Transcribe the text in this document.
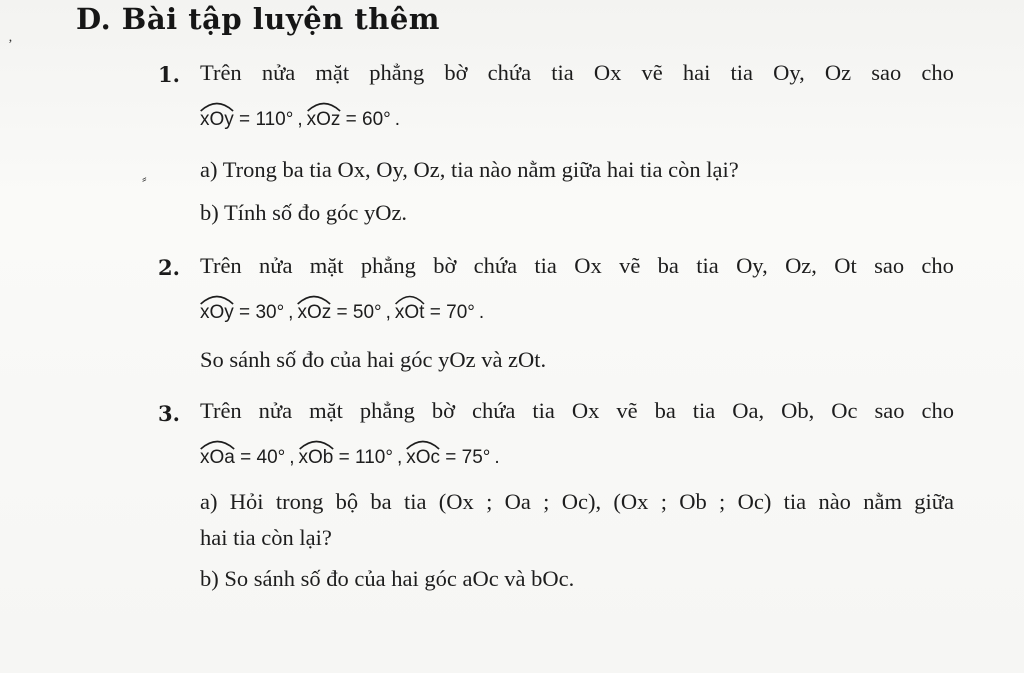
D. Bài tập luyện thêm
1. Trên nửa mặt phẳng bờ chứa tia Ox vẽ hai tia Oy, Oz sao cho
xOy
= 110° , xOz
= 60° .
a) Trong ba tia Ox, Oy, Oz, tia nào nằm giữa hai tia còn lại?
b) Tính số đo góc yOz.
2. Trên nửa mặt phẳng bờ chứa tia Ox vẽ ba tia Oy, Oz, Ot sao cho
xOy
= 30° , xOz
= 50° , xOt
= 70° .
So sánh số đo của hai góc yOz và zOt.
3. Trên nửa mặt phẳng bờ chứa tia Ox vẽ ba tia Oa, Ob, Oc sao cho
xOa
= 40° , xOb
= 110° , xOc
= 75° .
a) Hỏi trong bộ ba tia (Ox ; Oa ; Oc), (Ox ; Ob ; Oc) tia nào nằm giữa
hai tia còn lại?
b) So sánh số đo của hai góc aOc và bOc.
‚
⸗
